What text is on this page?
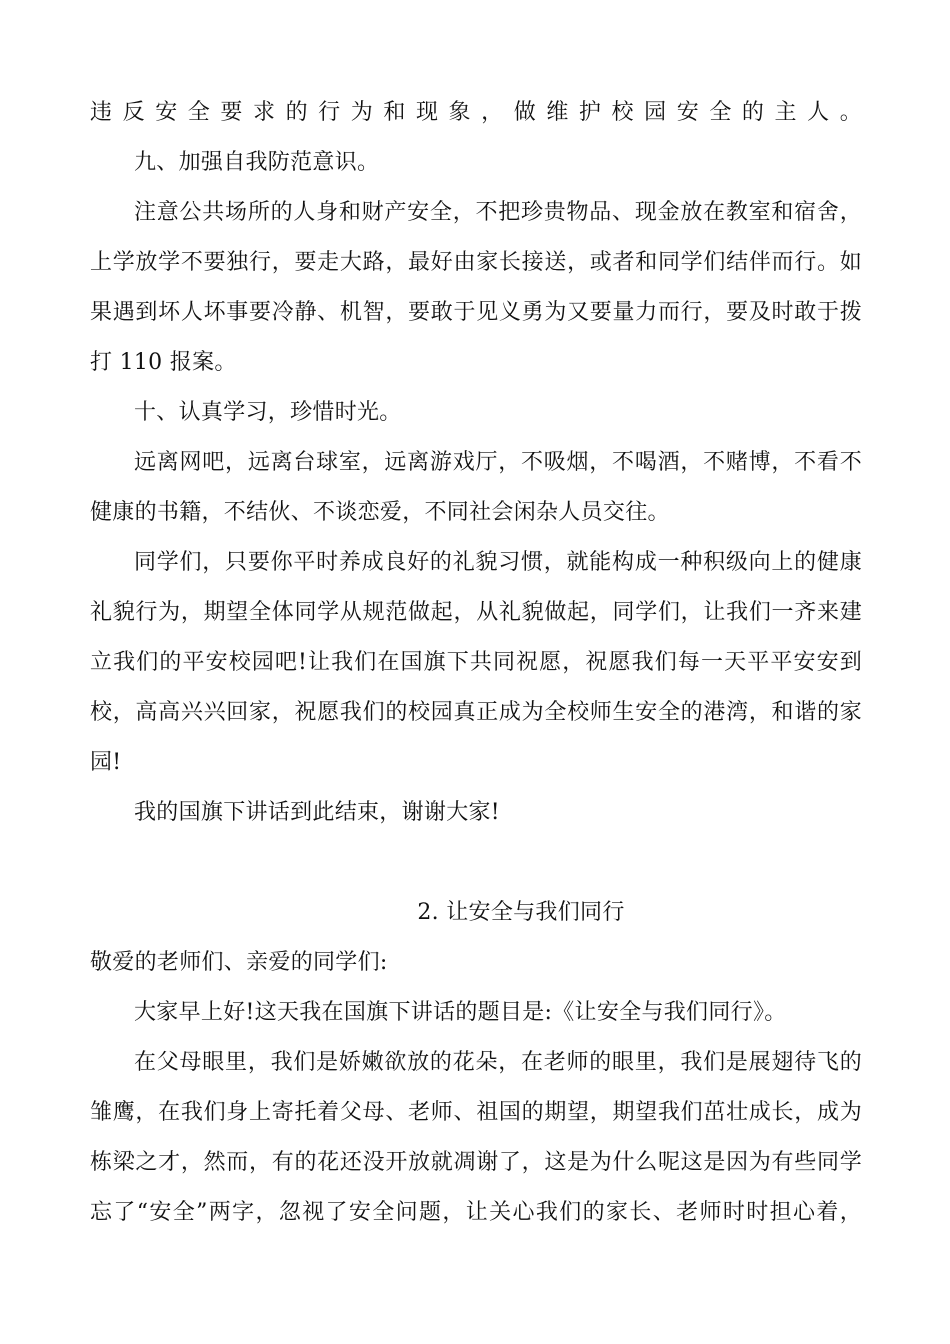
违反安全要求的行为和现象，做维护校园安全的主人。
九、加强自我防范意识。
注意公共场所的人身和财产安全，不把珍贵物品、现金放在教室和宿舍，
上学放学不要独行，要走大路，最好由家长接送，或者和同学们结伴而行。如
果遇到坏人坏事要冷静、机智，要敢于见义勇为又要量力而行，要及时敢于拨
打 110 报案。
十、认真学习，珍惜时光。
远离网吧，远离台球室，远离游戏厅，不吸烟，不喝酒，不赌博，不看不
健康的书籍，不结伙、不谈恋爱，不同社会闲杂人员交往。
同学们，只要你平时养成良好的礼貌习惯，就能构成一种积级向上的健康
礼貌行为，期望全体同学从规范做起，从礼貌做起，同学们，让我们一齐来建
立我们的平安校园吧!让我们在国旗下共同祝愿，祝愿我们每一天平平安安到
校，高高兴兴回家，祝愿我们的校园真正成为全校师生安全的港湾，和谐的家
园!
我的国旗下讲话到此结束，谢谢大家!
2. 让安全与我们同行
敬爱的老师们、亲爱的同学们:
大家早上好!这天我在国旗下讲话的题目是:《让安全与我们同行》。
在父母眼里，我们是娇嫩欲放的花朵，在老师的眼里，我们是展翅待飞的
雏鹰，在我们身上寄托着父母、老师、祖国的期望，期望我们茁壮成长，成为
栋梁之才，然而，有的花还没开放就凋谢了，这是为什么呢这是因为有些同学
忘了“安全”两字，忽视了安全问题，让关心我们的家长、老师时时担心着，
